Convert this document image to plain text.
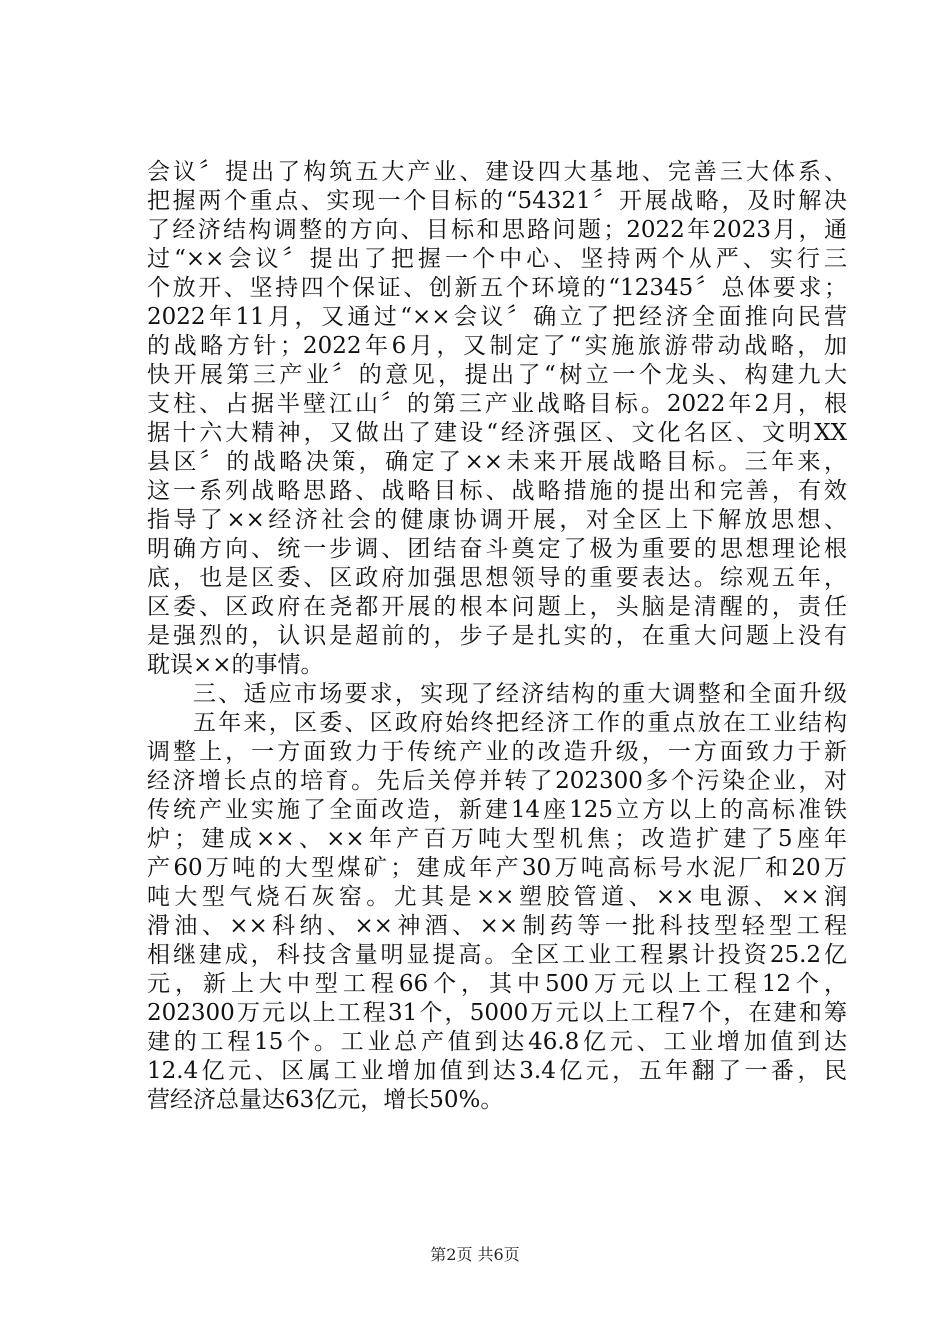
会议〞提出了构筑五大产业、建设四大基地、完善三大体系、
把握两个重点、实现一个目标的“54321〞开展战略，及时解决
了经济结构调整的方向、目标和思路问题；2022年2023月，通
过“××会议〞提出了把握一个中心、坚持两个从严、实行三
个放开、坚持四个保证、创新五个环境的“12345〞总体要求；
2022年11月，又通过“××会议〞确立了把经济全面推向民营
的战略方针；2022年6月，又制定了“实施旅游带动战略，加
快开展第三产业〞的意见，提出了“树立一个龙头、构建九大
支柱、占据半壁江山〞的第三产业战略目标。2022年2月，根
据十六大精神，又做出了建设“经济强区、文化名区、文明XX
县区〞的战略决策，确定了××未来开展战略目标。三年来，
这一系列战略思路、战略目标、战略措施的提出和完善，有效
指导了××经济社会的健康协调开展，对全区上下解放思想、
明确方向、统一步调、团结奋斗奠定了极为重要的思想理论根
底，也是区委、区政府加强思想领导的重要表达。综观五年，
区委、区政府在尧都开展的根本问题上，头脑是清醒的，责任
是强烈的，认识是超前的，步子是扎实的，在重大问题上没有
耽误××的事情。
三、适应市场要求，实现了经济结构的重大调整和全面升级
五年来，区委、区政府始终把经济工作的重点放在工业结构
调整上，一方面致力于传统产业的改造升级，一方面致力于新
经济增长点的培育。先后关停并转了202300多个污染企业，对
传统产业实施了全面改造，新建14座125立方以上的高标准铁
炉；建成××、××年产百万吨大型机焦；改造扩建了5座年
产60万吨的大型煤矿；建成年产30万吨高标号水泥厂和20万
吨大型气烧石灰窑。尤其是××塑胶管道、××电源、××润
滑油、××科纳、××神酒、××制药等一批科技型轻型工程
相继建成，科技含量明显提高。全区工业工程累计投资25.2亿
元，新上大中型工程66个，其中500万元以上工程12个，
202300万元以上工程31个，5000万元以上工程7个，在建和筹
建的工程15个。工业总产值到达46.8亿元、工业增加值到达
12.4亿元、区属工业增加值到达3.4亿元，五年翻了一番，民
营经济总量达63亿元，增长50%。
第2页 共6页
